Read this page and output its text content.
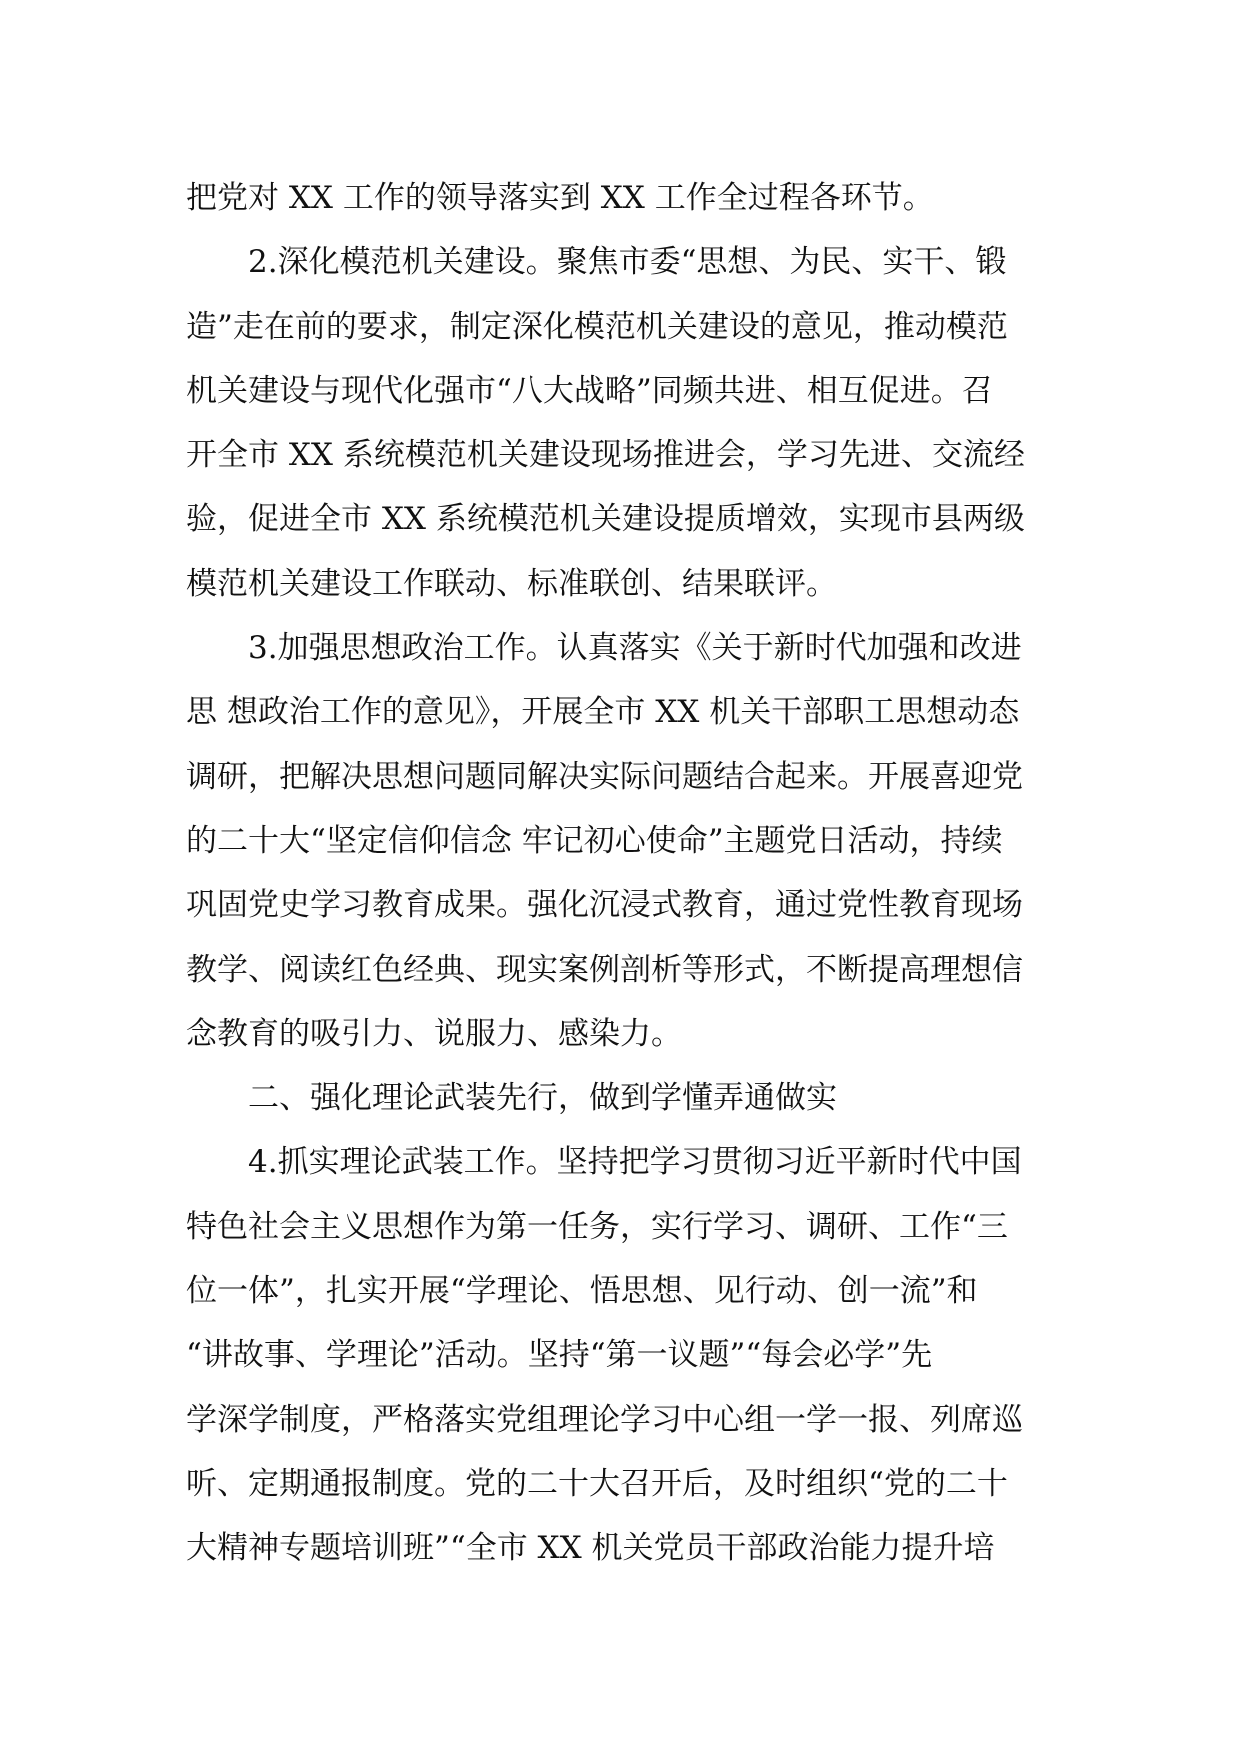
把党对 XX 工作的领导落实到 XX 工作全过程各环节。
2.深化模范机关建设。聚焦市委“思想、为民、实干、锻
造”走在前的要求，制定深化模范机关建设的意见，推动模范
机关建设与现代化强市“八大战略”同频共进、相互促进。召
开全市 XX 系统模范机关建设现场推进会，学习先进、交流经
验，促进全市 XX 系统模范机关建设提质增效，实现市县两级
模范机关建设工作联动、标准联创、结果联评。
3.加强思想政治工作。认真落实《关于新时代加强和改进
思 想政治工作的意见》，开展全市 XX 机关干部职工思想动态
调研，把解决思想问题同解决实际问题结合起来。开展喜迎党
的二十大“坚定信仰信念 牢记初心使命”主题党日活动，持续
巩固党史学习教育成果。强化沉浸式教育，通过党性教育现场
教学、阅读红色经典、现实案例剖析等形式，不断提高理想信
念教育的吸引力、说服力、感染力。
二、强化理论武装先行，做到学懂弄通做实
4.抓实理论武装工作。坚持把学习贯彻习近平新时代中国
特色社会主义思想作为第一任务，实行学习、调研、工作“三
位一体”，扎实开展“学理论、悟思想、见行动、创一流”和
“讲故事、学理论”活动。坚持“第一议题”“每会必学”先
学深学制度，严格落实党组理论学习中心组一学一报、列席巡
听、定期通报制度。党的二十大召开后，及时组织“党的二十
大精神专题培训班”“全市 XX 机关党员干部政治能力提升培
